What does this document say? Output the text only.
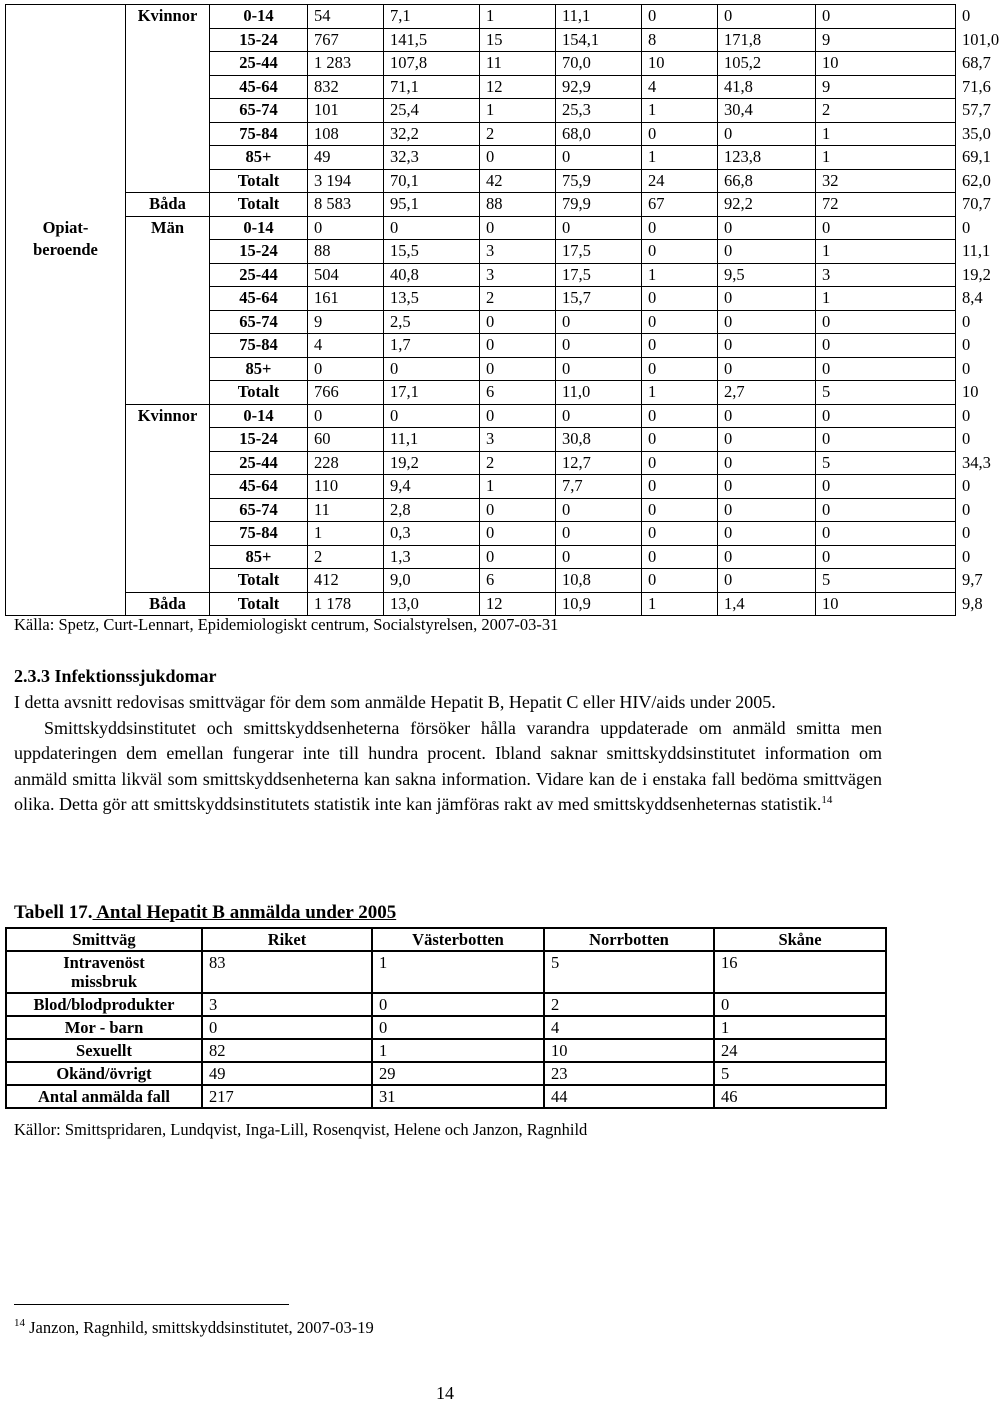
Opiat-
beroende	Kvinnor	0-14	54	7,1	1	11,1	0	0	0	0
		15-24	767	141,5	15	154,1	8	171,8	9	101,0
		25-44	1 283	107,8	11	70,0	10	105,2	10	68,7
		45-64	832	71,1	12	92,9	4	41,8	9	71,6
		65-74	101	25,4	1	25,3	1	30,4	2	57,7
		75-84	108	32,2	2	68,0	0	0	1	35,0
		85+	49	32,3	0	0	1	123,8	1	69,1
		Totalt	3 194	70,1	42	75,9	24	66,8	32	62,0
	Båda	Totalt	8 583	95,1	88	79,9	67	92,2	72	70,7
	Män	0-14	0	0	0	0	0	0	0	0
		15-24	88	15,5	3	17,5	0	0	1	11,1
		25-44	504	40,8	3	17,5	1	9,5	3	19,2
		45-64	161	13,5	2	15,7	0	0	1	8,4
		65-74	9	2,5	0	0	0	0	0	0
		75-84	4	1,7	0	0	0	0	0	0
		85+	0	0	0	0	0	0	0	0
		Totalt	766	17,1	6	11,0	1	2,7	5	10
	Kvinnor	0-14	0	0	0	0	0	0	0	0
		15-24	60	11,1	3	30,8	0	0	0	0
		25-44	228	19,2	2	12,7	0	0	5	34,3
		45-64	110	9,4	1	7,7	0	0	0	0
		65-74	11	2,8	0	0	0	0	0	0
		75-84	1	0,3	0	0	0	0	0	0
		85+	2	1,3	0	0	0	0	0	0
		Totalt	412	9,0	6	10,8	0	0	5	9,7
	Båda	Totalt	1 178	13,0	12	10,9	1	1,4	10	9,8
Källa: Spetz, Curt-Lennart, Epidemiologiskt centrum, Socialstyrelsen, 2007-03-31
2.3.3 Infektionssjukdomar

I detta avsnitt redovisas smittvägar för dem som anmälde Hepatit B, Hepatit C eller HIV/aids under 2005.

Smittskyddsinstitutet och smittskyddsenheterna försöker hålla varandra uppdaterade om anmäld smitta men uppdateringen dem emellan fungerar inte till hundra procent. Ibland saknar smittskyddsinstitutet information om anmäld smitta likväl som smittskyddsenheterna kan sakna information. Vidare kan de i enstaka fall bedöma smittvägen olika. Detta gör att smittskyddsinstitutets statistik inte kan jämföras rakt av med smittskyddsenheternas statistik.$^{14}$

Tabell 17. Antal Hepatit B anmälda under 2005
Smittväg	Riket	Västerbotten	Norrbotten	Skåne
Intravenöst missbruk	83	1	5	16
Blod/blodprodukter	3	0	2	0
Mor - barn	0	0	4	1
Sexuellt	82	1	10	24
Okänd/övrigt	49	29	23	5
Antal anmälda fall	217	31	44	46
Källor: Smittspridaren, Lundqvist, Inga-Lill, Rosenqvist, Helene och Janzon, Ragnhild
$^{14}$ Janzon, Ragnhild, smittskyddsinstitutet, 2007-03-19
14
